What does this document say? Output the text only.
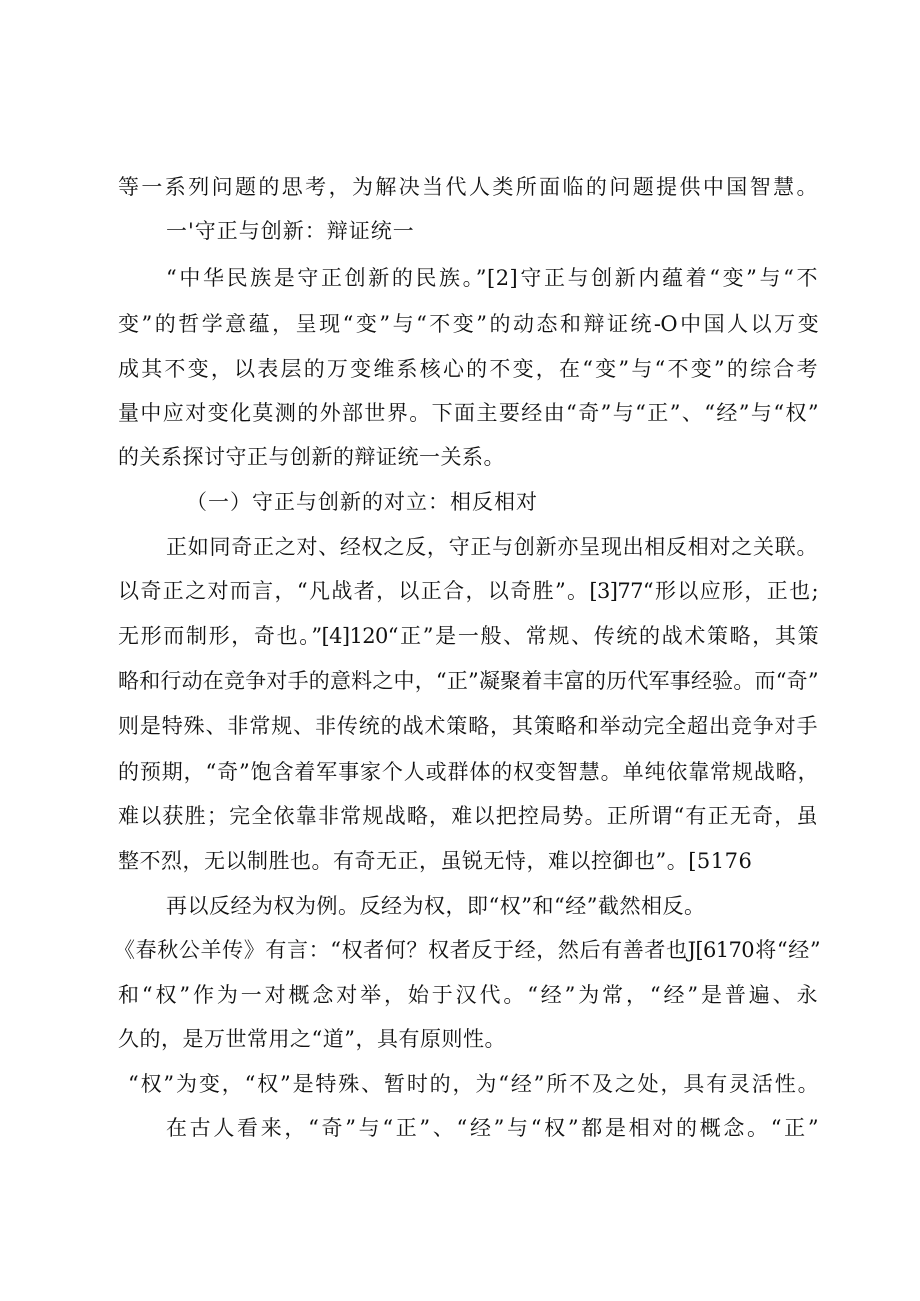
等一系列问题的思考，为解决当代人类所面临的问题提供中国智慧。
一'守正与创新：辩证统一
“中华民族是守正创新的民族。”[2]守正与创新内蕴着“变”与“不
变”的哲学意蕴，呈现“变”与“不变”的动态和辩证统-O中国人以万变
成其不变，以表层的万变维系核心的不变，在“变”与“不变”的综合考
量中应对变化莫测的外部世界。下面主要经由“奇”与“正”、“经”与“权”
的关系探讨守正与创新的辩证统一关系。
（一）守正与创新的对立：相反相对
正如同奇正之对、经权之反，守正与创新亦呈现出相反相对之关联。
以奇正之对而言，“凡战者，以正合，以奇胜”。[3]77“形以应形，正也;
无形而制形，奇也。”[4]120“正”是一般、常规、传统的战术策略，其策
略和行动在竞争对手的意料之中，“正”凝聚着丰富的历代军事经验。而“奇”
则是特殊、非常规、非传统的战术策略，其策略和举动完全超出竞争对手
的预期，“奇”饱含着军事家个人或群体的权变智慧。单纯依靠常规战略，
难以获胜；完全依靠非常规战略，难以把控局势。正所谓“有正无奇，虽
整不烈，无以制胜也。有奇无正，虽锐无恃，难以控御也”。[5176
再以反经为权为例。反经为权，即“权”和“经”截然相反。
《春秋公羊传》有言：“权者何？权者反于经，然后有善者也J[6170将“经”
和“权”作为一对概念对举，始于汉代。“经”为常，“经”是普遍、永
久的，是万世常用之“道”，具有原则性。
“权”为变，“权”是特殊、暂时的，为“经”所不及之处，具有灵活性。
在古人看来，“奇”与“正”、“经”与“权”都是相对的概念。“正”
